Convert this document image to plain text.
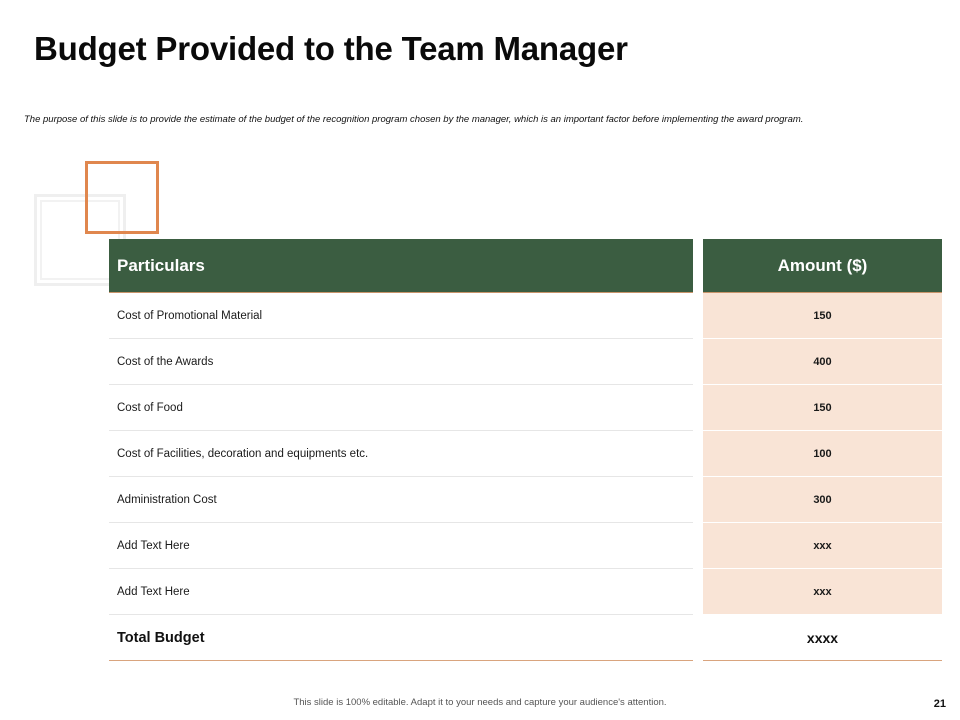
Budget Provided to the Team Manager
The purpose of this slide is to provide the estimate of the budget of the recognition program chosen by the manager, which is an important factor before implementing the award program.
Particulars
Cost of Promotional Material
Cost of the Awards
Cost of Food
Cost of Facilities, decoration and equipments etc.
Administration Cost
Add Text Here
Add Text Here
Total Budget
Amount ($)
150
400
150
100
300
xxx
xxx
xxxx
This slide is 100% editable. Adapt it to your needs and capture your audience's attention.	21
